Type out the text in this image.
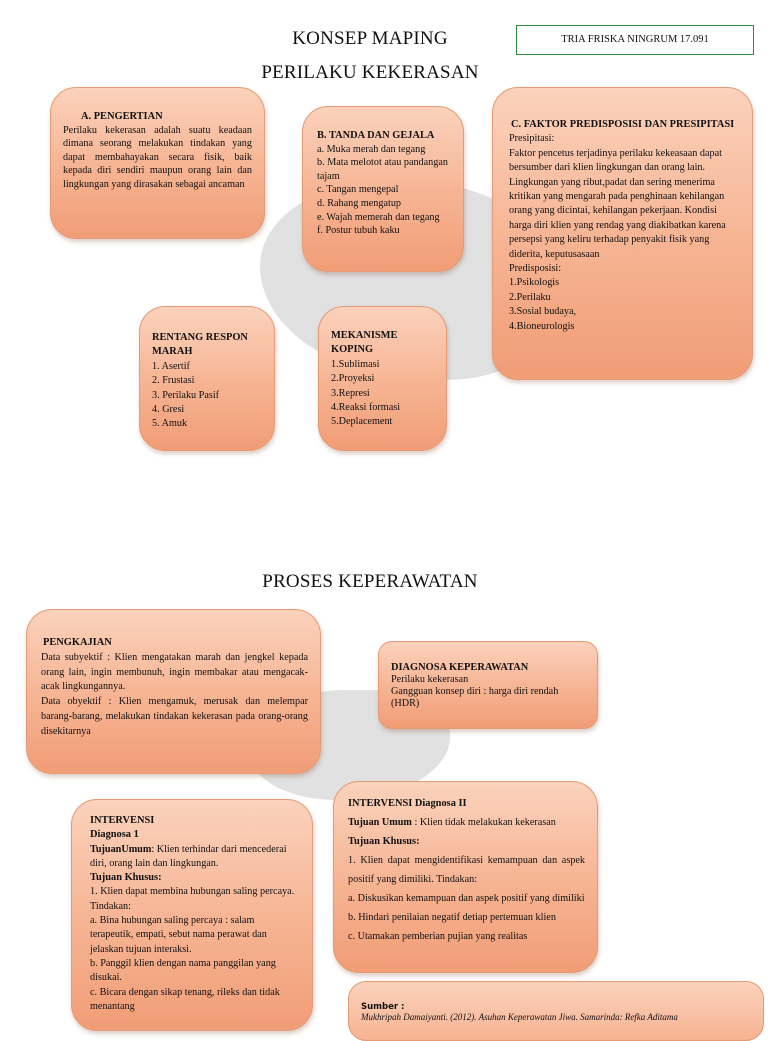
KONSEP MAPING
PERILAKU KEKERASAN
TRIA FRISKA NINGRUM 17.091
A. PENGERTIAN

Perilaku kekerasan adalah suatu keadaan dimana seorang melakukan tindakan yang dapat membahayakan secara fisik, baik kepada diri sendiri maupun orang lain dan lingkungan yang dirasakan sebagai ancaman

B. TANDA DAN GEJALA

a. Muka merah dan tegang

b. Mata melotot atau pandangan tajam

c. Tangan mengepal

d. Rahang mengatup

e. Wajah memerah dan tegang

f. Postur tubuh kaku

C. FAKTOR PREDISPOSISI DAN PRESIPITASI

Presipitasi:

Faktor pencetus terjadinya perilaku kekeasaan dapat bersumber dari klien lingkungan dan orang lain. Lingkungan yang ribut,padat dan sering menerima kritikan yang mengarah pada penghinaan kehilangan orang yang dicintai, kehilangan pekerjaan. Kondisi harga diri klien yang rendag yang diakibatkan karena persepsi yang keliru terhadap penyakit fisik yang diderita, keputusasaan

Predisposisi:

1.Psikologis

2.Perilaku

3.Sosial budaya,

4.Bioneurologis

RENTANG RESPON
MARAH

1. Asertif

2. Frustasi

3. Perilaku Pasif

4. Gresi

5. Amuk

MEKANISME
KOPING

1.Sublimasi

2.Proyeksi

3.Represi

4.Reaksi formasi

5.Deplacement

PROSES KEPERAWATAN
PENGKAJIAN

Data subyektif : Klien mengatakan marah dan jengkel kepada orang lain, ingin membunuh, ingin membakar atau mengacak-acak lingkungannya.

Data obyektif : Klien mengamuk, merusak dan melempar barang-barang, melakukan tindakan kekerasan pada orang-orang disekitarnya

DIAGNOSA KEPERAWATAN

Perilaku kekerasan

Gangguan konsep diri : harga diri rendah (HDR)

INTERVENSI
Diagnosa 1

TujuanUmum: Klien terhindar dari mencederai diri, orang lain dan lingkungan.

Tujuan Khusus:

1. Klien dapat membina hubungan saling percaya. Tindakan:

a. Bina hubungan saling percaya : salam terapeutik, empati, sebut nama perawat dan jelaskan tujuan interaksi.

b. Panggil klien dengan nama panggilan yang disukai.

c. Bicara dengan sikap tenang, rileks dan tidak menantang

INTERVENSI Diagnosa II

Tujuan Umum : Klien tidak melakukan kekerasan

Tujuan Khusus:

1. Klien dapat mengidentifikasi kemampuan dan aspek positif yang dimiliki. Tindakan:

a. Diskusikan kemampuan dan aspek positif yang dimiliki

b. Hindari penilaian negatif detiap pertemuan klien

c. Utamakan pemberian pujian yang realitas

Sumber :
Mukhripah Damaiyanti. (2012). Asuhan Keperawatan Jiwa. Samarinda: Refka Aditama
